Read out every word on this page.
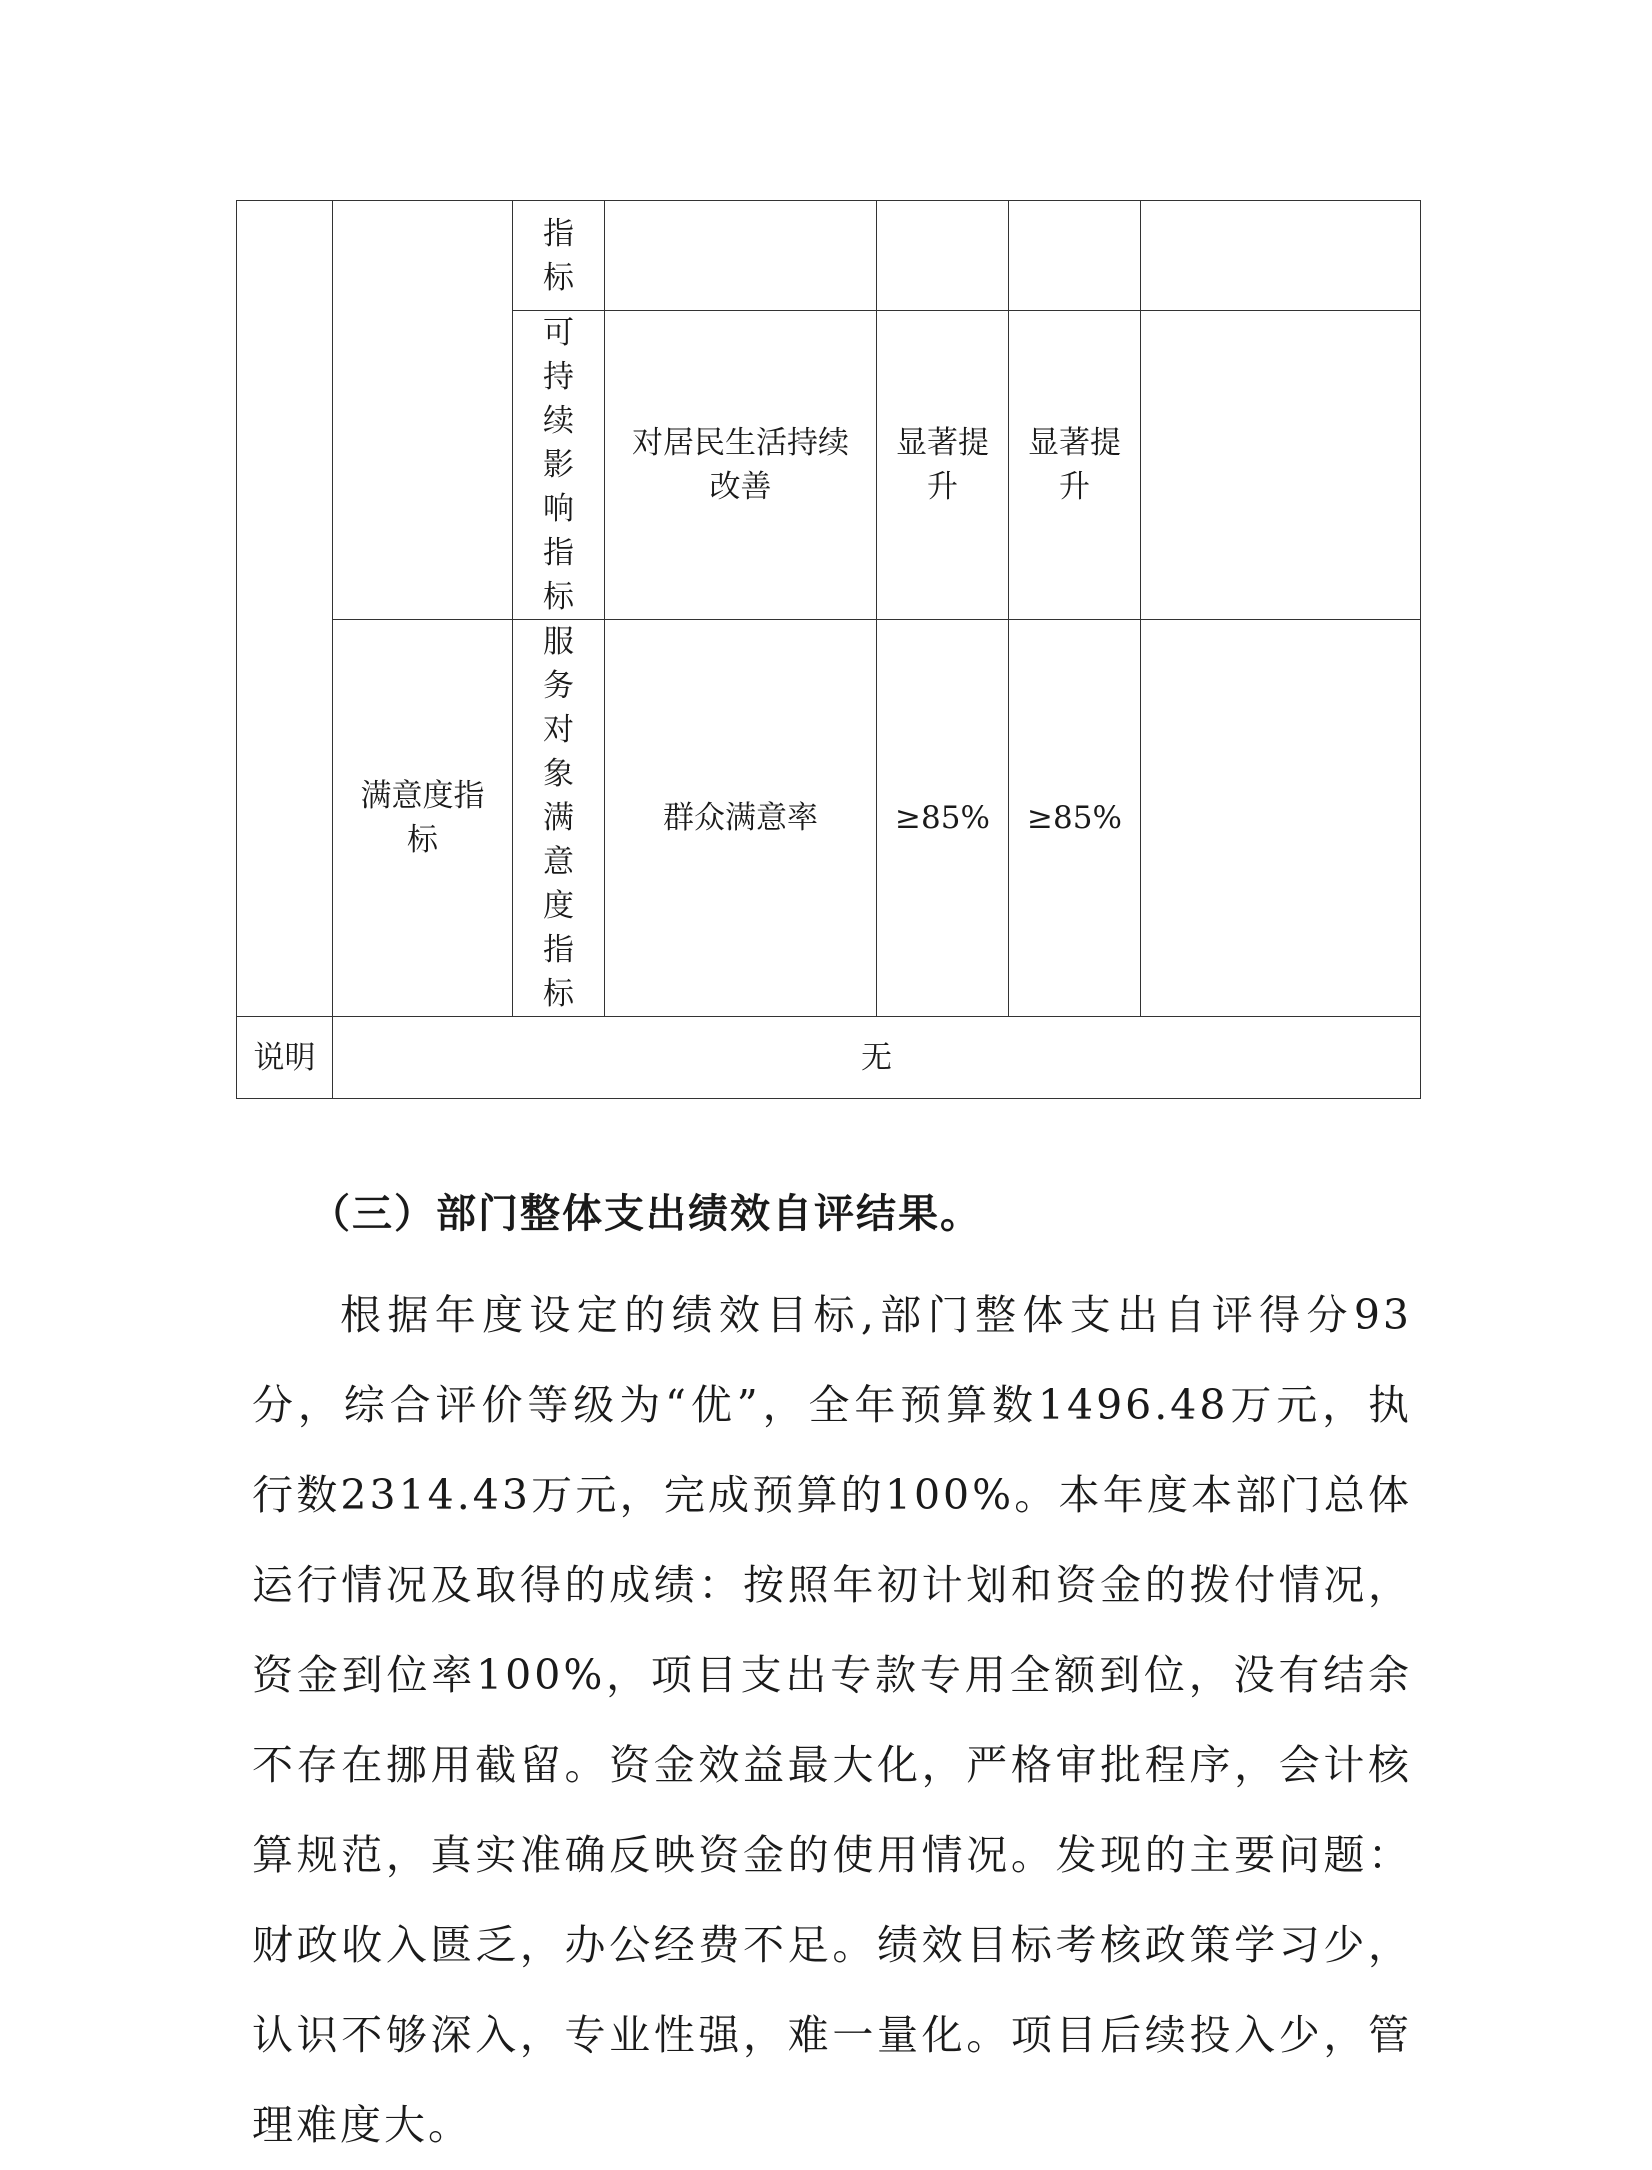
		指标				
		可持续影响指标	对居民生活持续改善	显著提升	显著提升	
	满意度指标	服务对象满意度指标	群众满意率	≥85%	≥85%	
说明	无					
（三）部门整体支出绩效自评结果。

根据年度设定的绩效目标,部门整体支出自评得分93分，综合评价等级为“优”，全年预算数1496.48万元，执行数2314.43万元，完成预算的100%。本年度本部门总体运行情况及取得的成绩：按照年初计划和资金的拨付情况，资金到位率100%，项目支出专款专用全额到位，没有结余不存在挪用截留。资金效益最大化，严格审批程序，会计核算规范，真实准确反映资金的使用情况。发现的主要问题：财政收入匮乏，办公经费不足。绩效目标考核政策学习少，认识不够深入，专业性强，难一量化。项目后续投入少，管理难度大。
